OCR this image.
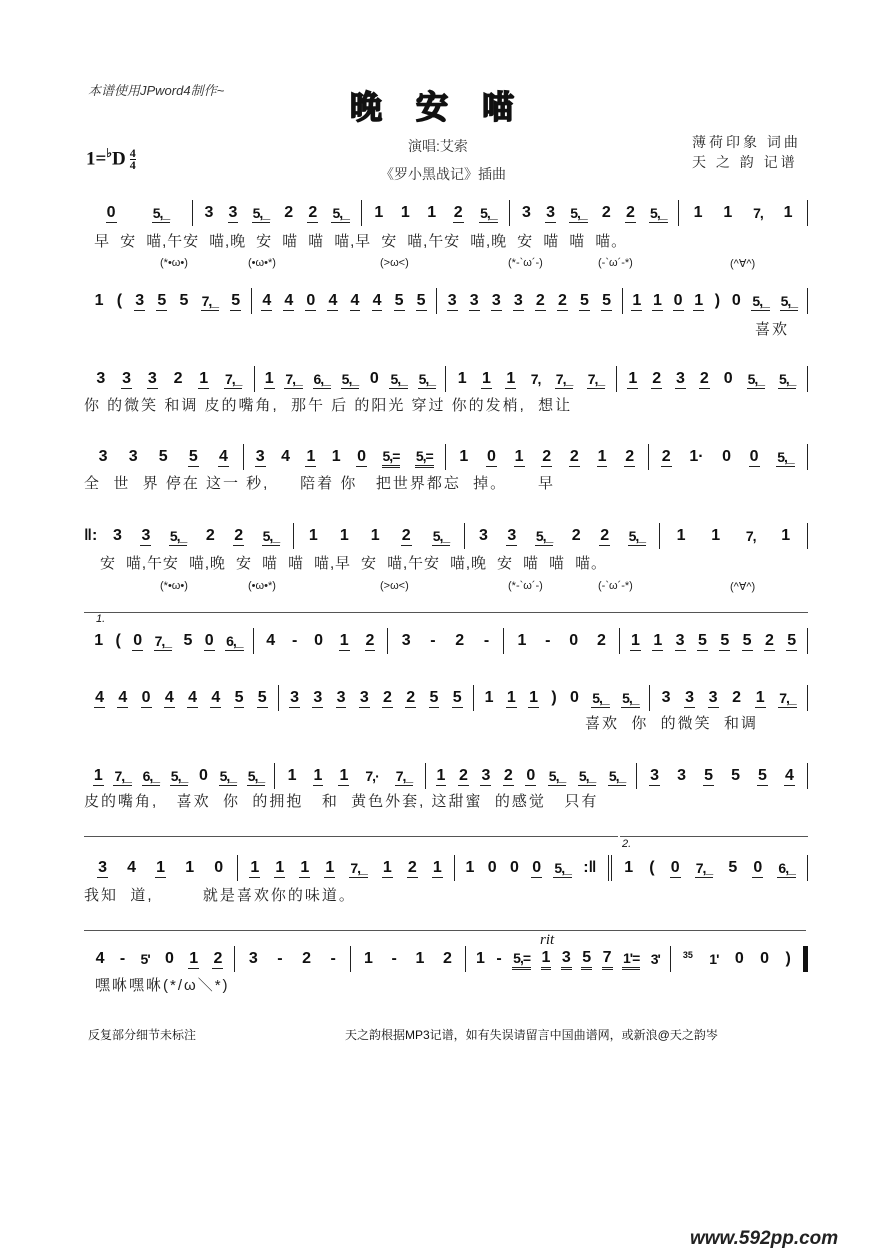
本谱使用JPword4制作~	晚安喵
$1=^♭D \frac{4}{4}$
演唱:艾索
《罗小黑战记》插曲
薄荷印象 词曲
天 之 韵 记谱
0	5,_ 3 3 5,_ 2 2 5,_ 1 1 1 2 5,_ 3 3 5,_ 2 2 5,_ 1 1 7, 1
早  安  喵,午安  喵,晚  安  喵  喵  喵,早  安  喵,午安  喵,晚  安  喵  喵  喵。
(*•ω•)	(•ω•*)	(>ω<)	(*-`ω´-)	(-`ω´-*)	(^∀^)
1 ( 3 5 5 7,_ 5 4 4 0 4 4 4 5 5 3 3 3 3 2 2 5 5 1 1 0 1 ) 0 5,_ 5,_
喜欢
3 3 3 2 1 7,_ 1 7,_ 6,_ 5,_ 0 5,_ 5,_ 1 1 1 7, 7,_ 7,_ 1 2 3 2 0 5,_ 5,_
你 的微笑 和调 皮的嘴角,  那午 后 的阳光 穿过 你的发梢,  想让
3 3 5 5 4 3 4 1 1 0 5,= 5,= 1 0 1 2 2 1 2 2 1· 0 0 5,_
全  世  界 停在 这一 秒,     陪着 你   把世界都忘  掉。     早
‖: 3 3 5,_ 2 2 5,_ 1 1 1 2 5,_ 3 3 5,_ 2 2 5,_ 1 1 7, 1
安  喵,午安  喵,晚  安  喵  喵  喵,早  安  喵,午安  喵,晚  安  喵  喵  喵。
(*•ω•)	(•ω•*)	(>ω<)	(*-`ω´-)	(-`ω´-*)	(^∀^)
1 ( 0 7,_ 5 0 6,_ 4 - 0 1 2 3 - 2 - 1 - 0 2 1 1 3 5 5 5 2 5
1.
4 4 0 4 4 4 5 5 3 3 3 3 2 2 5 5 1 1 1 ) 0 5,_ 5,_ 3 3 3 2 1 7,_
喜欢  你  的微笑  和调
1 7,_ 6,_ 5,_ 0 5,_ 5,_ 1 1 1 7,· 7,_ 1 2 3 2 0 5,_ 5,_ 5,_ 3 3 5 5 5 4
皮的嘴角,   喜欢  你  的拥抱   和  黄色外套, 这甜蜜  的感觉   只有
3 4 1 1 0 1 1 1 1 7,_ 1 2 1 1 0 0 0 5,_ :‖ 1 ( 0 7,_ 5 0 6,_
我知  道,        就是喜欢你的味道。
2.
4 - 5' 0 1 2 3 - 2 - 1 - 1 2 1 - 5,= 1 3 5 7 1'= 3'	35 1' 0 0 )
嘿咻嘿咻(*/ω＼*)
rit
反复部分细节未标注	天之韵根据MP3记谱，如有失误请留言中国曲谱网，或新浪@天之韵岑
www.592pp.com
